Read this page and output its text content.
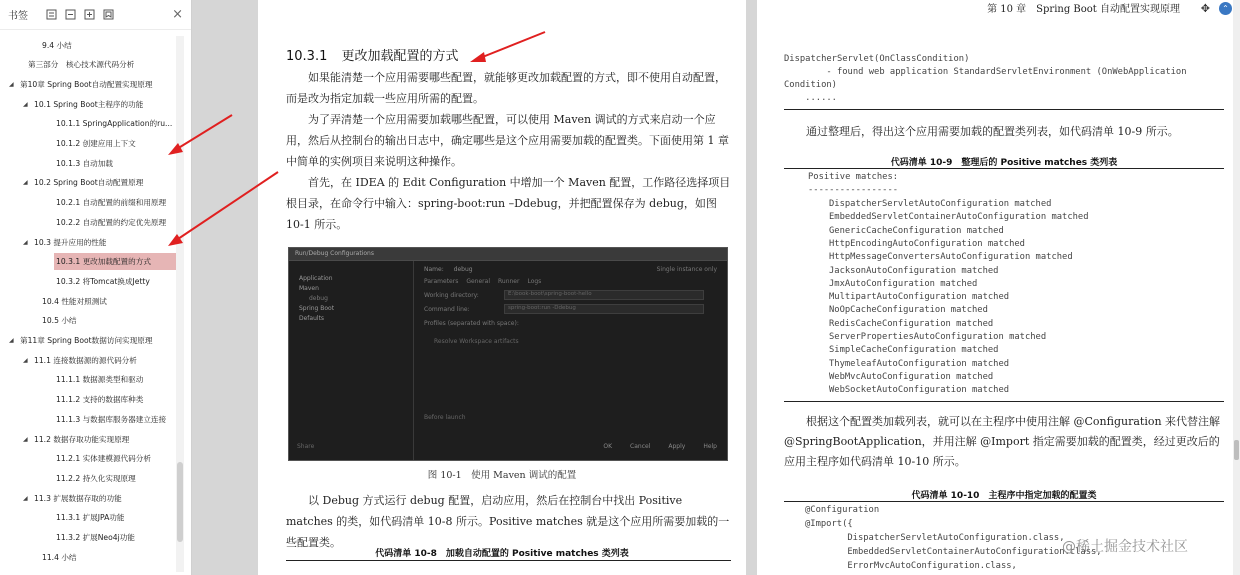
书签	×
9.4 小结
第三部分　核心技术源代码分析
◢ 第10章 Spring Boot自动配置实现原理
◢ 10.1 Spring Boot主程序的功能
10.1.1 SpringApplication的ru...
10.1.2 创建应用上下文
10.1.3 自动加载
◢ 10.2 Spring Boot自动配置原理
10.2.1 自动配置的前缀和用原理
10.2.2 自动配置的约定优先原理
◢ 10.3 提升应用的性能
10.3.1 更改加载配置的方式
10.3.2 将Tomcat换成Jetty
10.4 性能对照测试
10.5 小结
◢ 第11章 Spring Boot数据访问实现原理
◢ 11.1 连接数据源的源代码分析
11.1.1 数据源类型和驱动
11.1.2 支持的数据库种类
11.1.3 与数据库服务器建立连接
◢ 11.2 数据存取功能实现原理
11.2.1 实体建模源代码分析
11.2.2 持久化实现原理
◢ 11.3 扩展数据存取的功能
11.3.1 扩展JPA功能
11.3.2 扩展Neo4j功能
11.4 小结
10.3.1 更改加载配置的方式
如果能清楚一个应用需要哪些配置，就能够更改加载配置的方式，即不使用自动配置，而是改为指定加载一些应用所需的配置。
为了弄清楚一个应用需要加载哪些配置，可以使用 Maven 调试的方式来启动一个应用，然后从控制台的输出日志中，确定哪些是这个应用需要加载的配置类。下面使用第 1 章中简单的实例项目来说明这种操作。
首先，在 IDEA 的 Edit Configuration 中增加一个 Maven 配置，工作路径选择项目根目录，在命令行中输入：spring-boot:run –Ddebug，并把配置保存为 debug，如图 10-1 所示。
Run/Debug Configurations
Application
Maven
debug
Spring Boot
Defaults
Name: debug	Single instance only
Parameters General Runner Logs
Working directory:	E:\book-boot\spring-boot-hello
Command line:	spring-boot:run -Ddebug
Profiles (separated with space):
Resolve Workspace artifacts
Before launch
Share	OK	Cancel	Apply	Help
图 10-1　使用 Maven 调试的配置
以 Debug 方式运行 debug 配置，启动应用，然后在控制台中找出 Positive matches 的类，如代码清单 10-8 所示。Positive matches 就是这个应用所需要加载的一些配置类。
代码清单 10-8　加载自动配置的 Positive matches 类列表
第 10 章　Spring Boot 自动配置实现原理
DispatcherServlet(OnClassCondition)
- found web application StandardServletEnvironment (OnWebApplication
Condition)
......
通过整理后，得出这个应用需要加载的配置类列表，如代码清单 10-9 所示。
代码清单 10-9　整理后的 Positive matches 类列表
Positive matches:
-----------------
DispatcherServletAutoConfiguration matched
EmbeddedServletContainerAutoConfiguration matched
GenericCacheConfiguration matched
HttpEncodingAutoConfiguration matched
HttpMessageConvertersAutoConfiguration matched
JacksonAutoConfiguration matched
JmxAutoConfiguration matched
MultipartAutoConfiguration matched
NoOpCacheConfiguration matched
RedisCacheConfiguration matched
ServerPropertiesAutoConfiguration matched
SimpleCacheConfiguration matched
ThymeleafAutoConfiguration matched
WebMvcAutoConfiguration matched
WebSocketAutoConfiguration matched
根据这个配置类加载列表，就可以在主程序中使用注解 @Configuration 来代替注解 @SpringBootApplication，并用注解 @Import 指定需要加载的配置类，经过更改后的应用主程序如代码清单 10-10 所示。
代码清单 10-10　主程序中指定加载的配置类
@Configuration
@Import({
DispatcherServletAutoConfiguration.class,
EmbeddedServletContainerAutoConfiguration.class,
ErrorMvcAutoConfiguration.class,
✥	⌃
@稀土掘金技术社区
